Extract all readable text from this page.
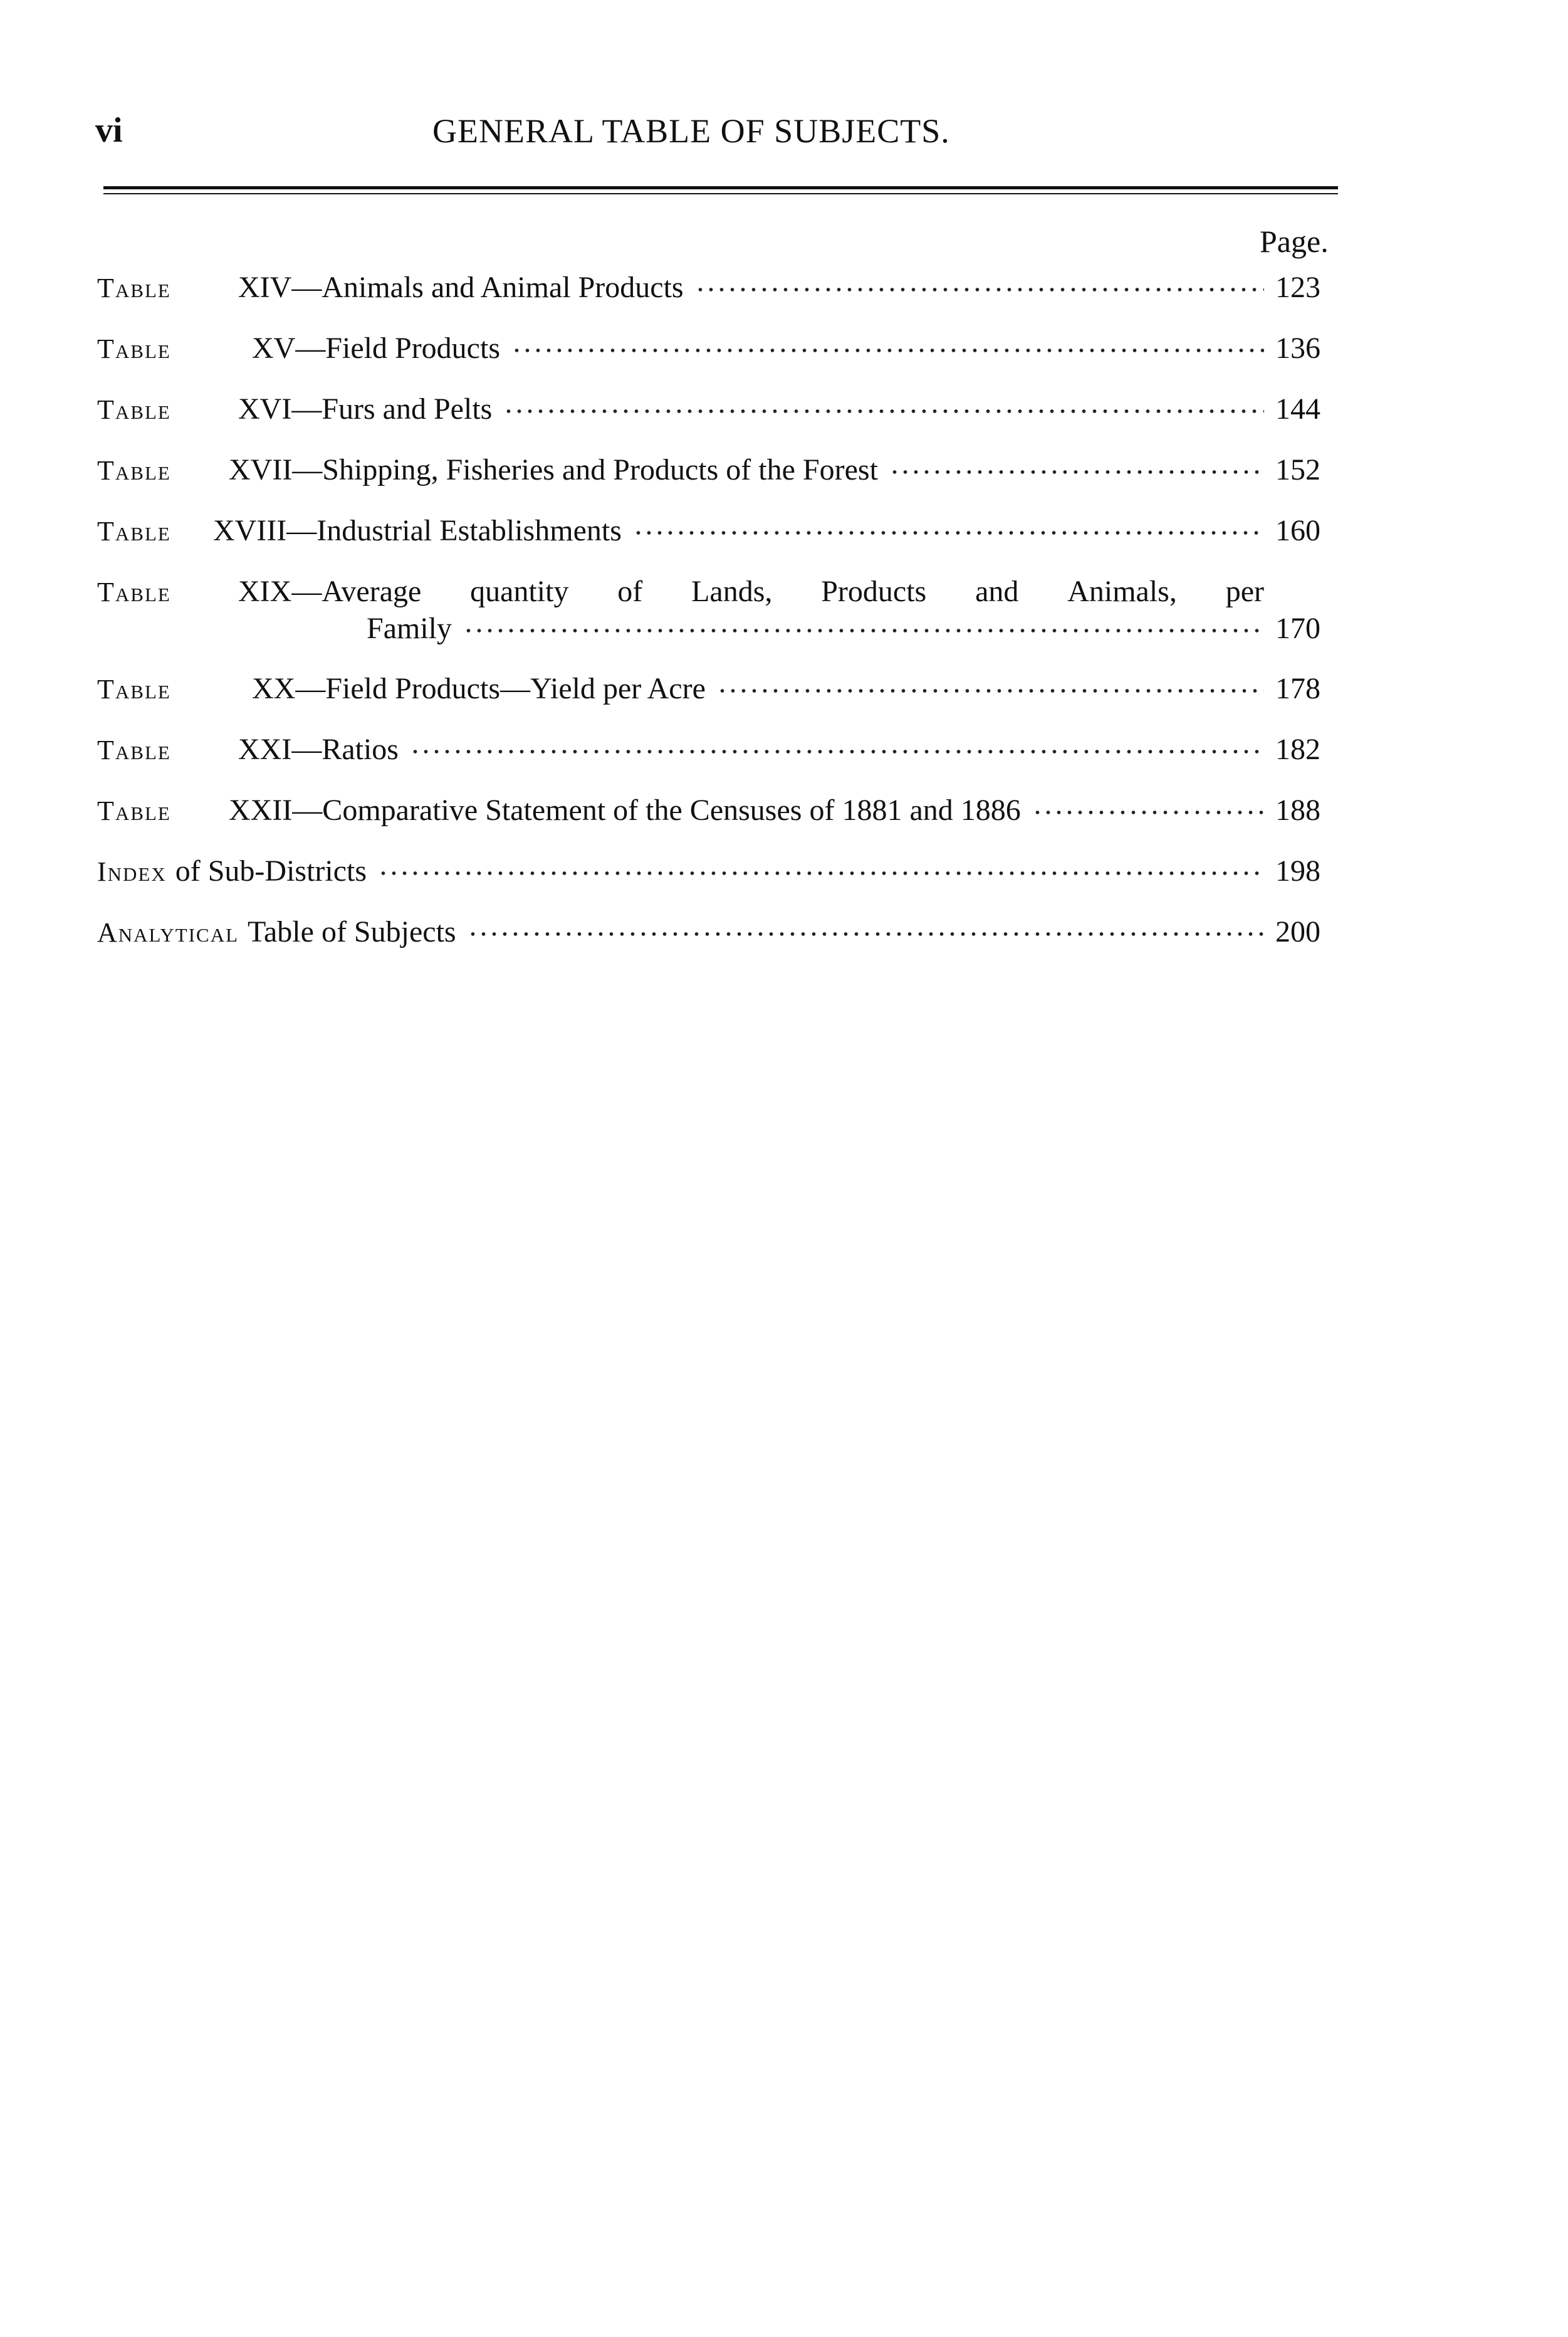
vi	GENERAL TABLE OF SUBJECTS.
Page.
Table	XIV—Animals and Animal Products	123
Table	XV—Field Products	136
Table	XVI—Furs and Pelts	144
Table	XVII—Shipping, Fisheries and Products of the Forest	152
Table	XVIII—Industrial Establishments	160
Table	XIX—Average quantity of Lands, Products and Animals, per
Family	170
Table	XX—Field Products—Yield per Acre	178
Table	XXI—Ratios	182
Table	XXII—Comparative Statement of the Censuses of 1881 and 1886	188
Index of Sub-Districts	198
Analytical Table of Subjects	200
